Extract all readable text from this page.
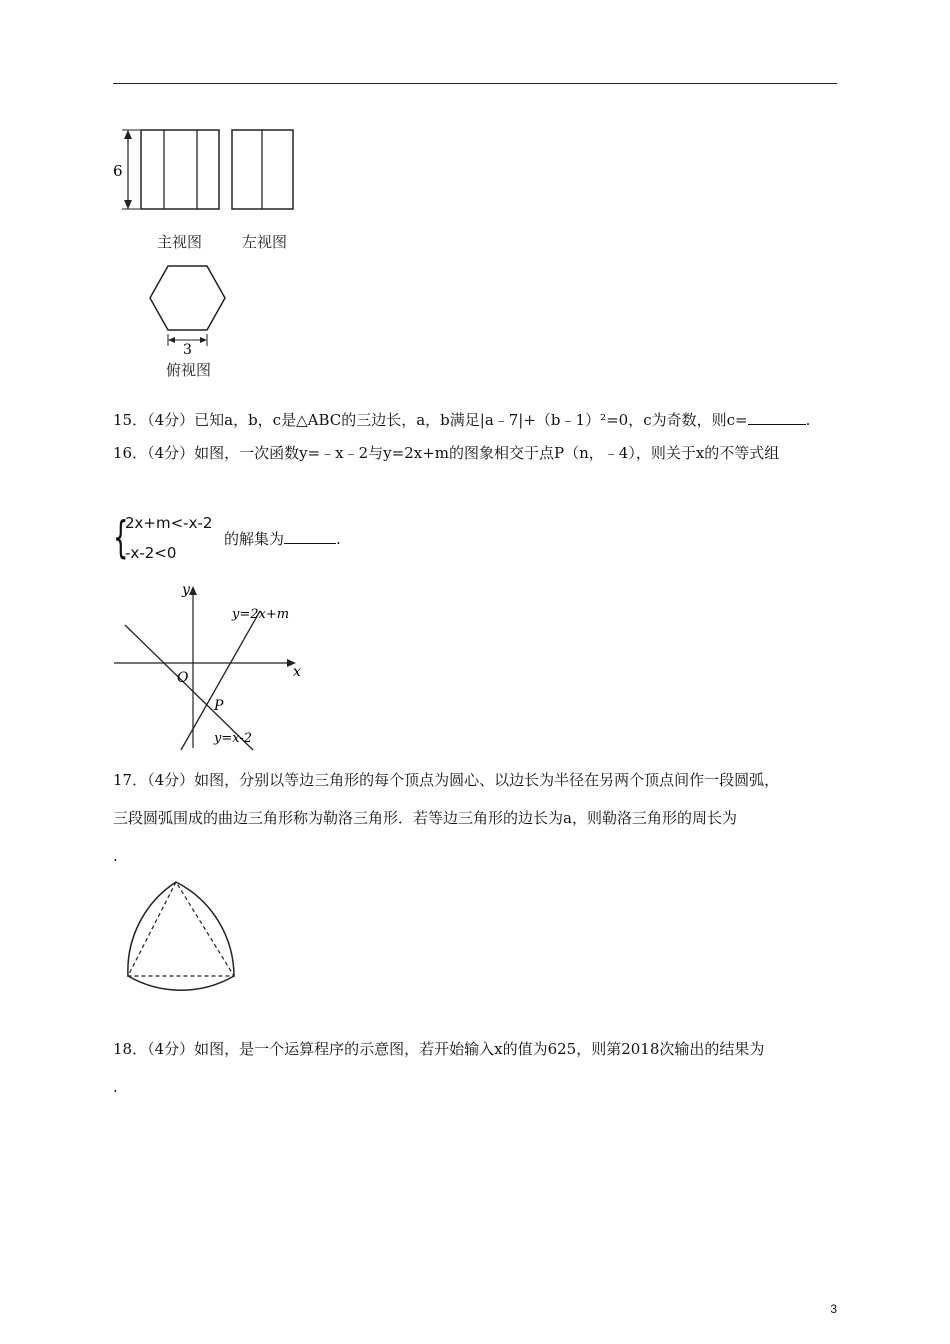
6
主视图	左视图
3
俯视图
15．（4分）已知a，b，c是△ABC的三边长，a，b满足|a﹣7|+（b﹣1）²=0，c为奇数，则c=	.
16．（4分）如图，一次函数y=﹣x﹣2与y=2x+m的图象相交于点P（n，﹣4），则关于x的不等式组
{
2x+m<-x-2
-x-2<0
的解集为	.
y
x
O
P
y=2x+m
y=x-2
17．（4分）如图，分别以等边三角形的每个顶点为圆心、以边长为半径在另两个顶点间作一段圆弧，
三段圆弧围成的曲边三角形称为勒洛三角形．若等边三角形的边长为a，则勒洛三角形的周长为
.
18．（4分）如图，是一个运算程序的示意图，若开始输入x的值为625，则第2018次输出的结果为
.
3
